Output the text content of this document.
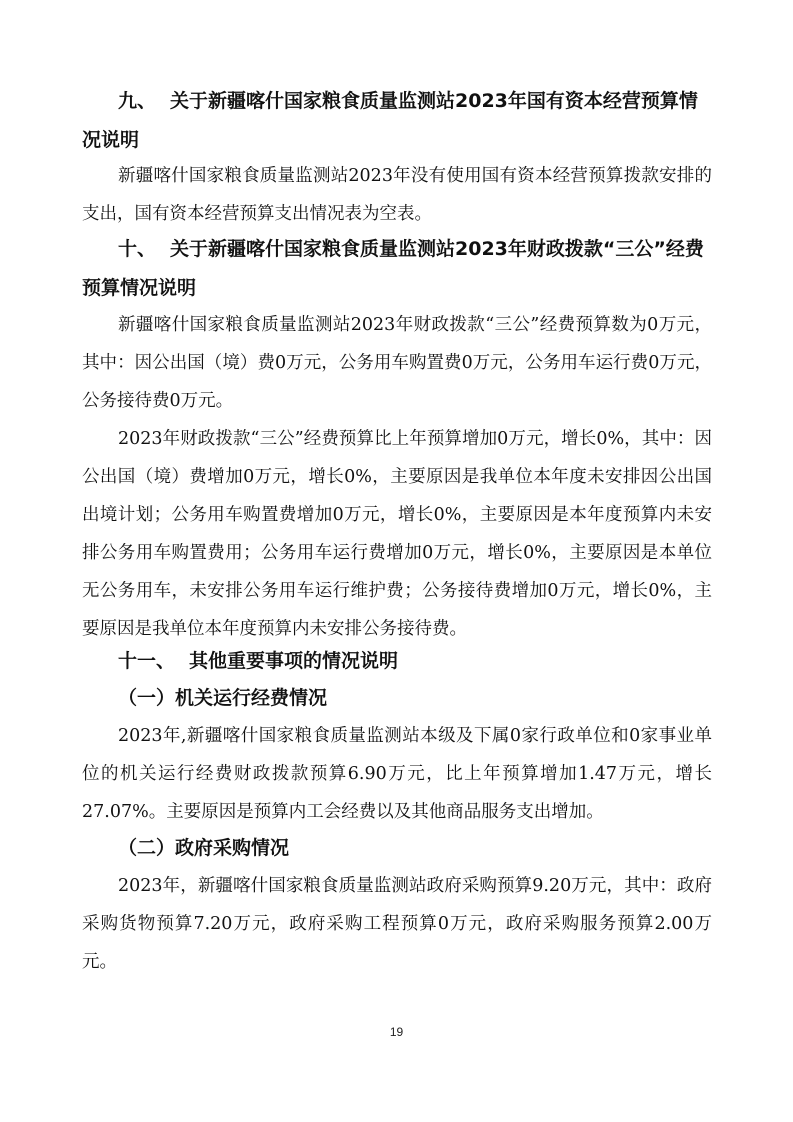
九、 关于新疆喀什国家粮食质量监测站2023年国有资本经营预算情况说明

新疆喀什国家粮食质量监测站2023年没有使用国有资本经营预算拨款安排的支出，国有资本经营预算支出情况表为空表。

十、 关于新疆喀什国家粮食质量监测站2023年财政拨款“三公”经费预算情况说明

新疆喀什国家粮食质量监测站2023年财政拨款“三公”经费预算数为0万元，其中：因公出国（境）费0万元，公务用车购置费0万元，公务用车运行费0万元，公务接待费0万元。

2023年财政拨款“三公”经费预算比上年预算增加0万元，增长0%，其中：因公出国（境）费增加0万元，增长0%，主要原因是我单位本年度未安排因公出国出境计划；公务用车购置费增加0万元，增长0%，主要原因是本年度预算内未安排公务用车购置费用；公务用车运行费增加0万元，增长0%，主要原因是本单位无公务用车，未安排公务用车运行维护费；公务接待费增加0万元，增长0%，主要原因是我单位本年度预算内未安排公务接待费。

十一、 其他重要事项的情况说明

（一）机关运行经费情况

2023年,新疆喀什国家粮食质量监测站本级及下属0家行政单位和0家事业单位的机关运行经费财政拨款预算6.90万元，比上年预算增加1.47万元，增长27.07%。主要原因是预算内工会经费以及其他商品服务支出增加。

（二）政府采购情况

2023年，新疆喀什国家粮食质量监测站政府采购预算9.20万元，其中：政府采购货物预算7.20万元，政府采购工程预算0万元，政府采购服务预算2.00万元。

19
